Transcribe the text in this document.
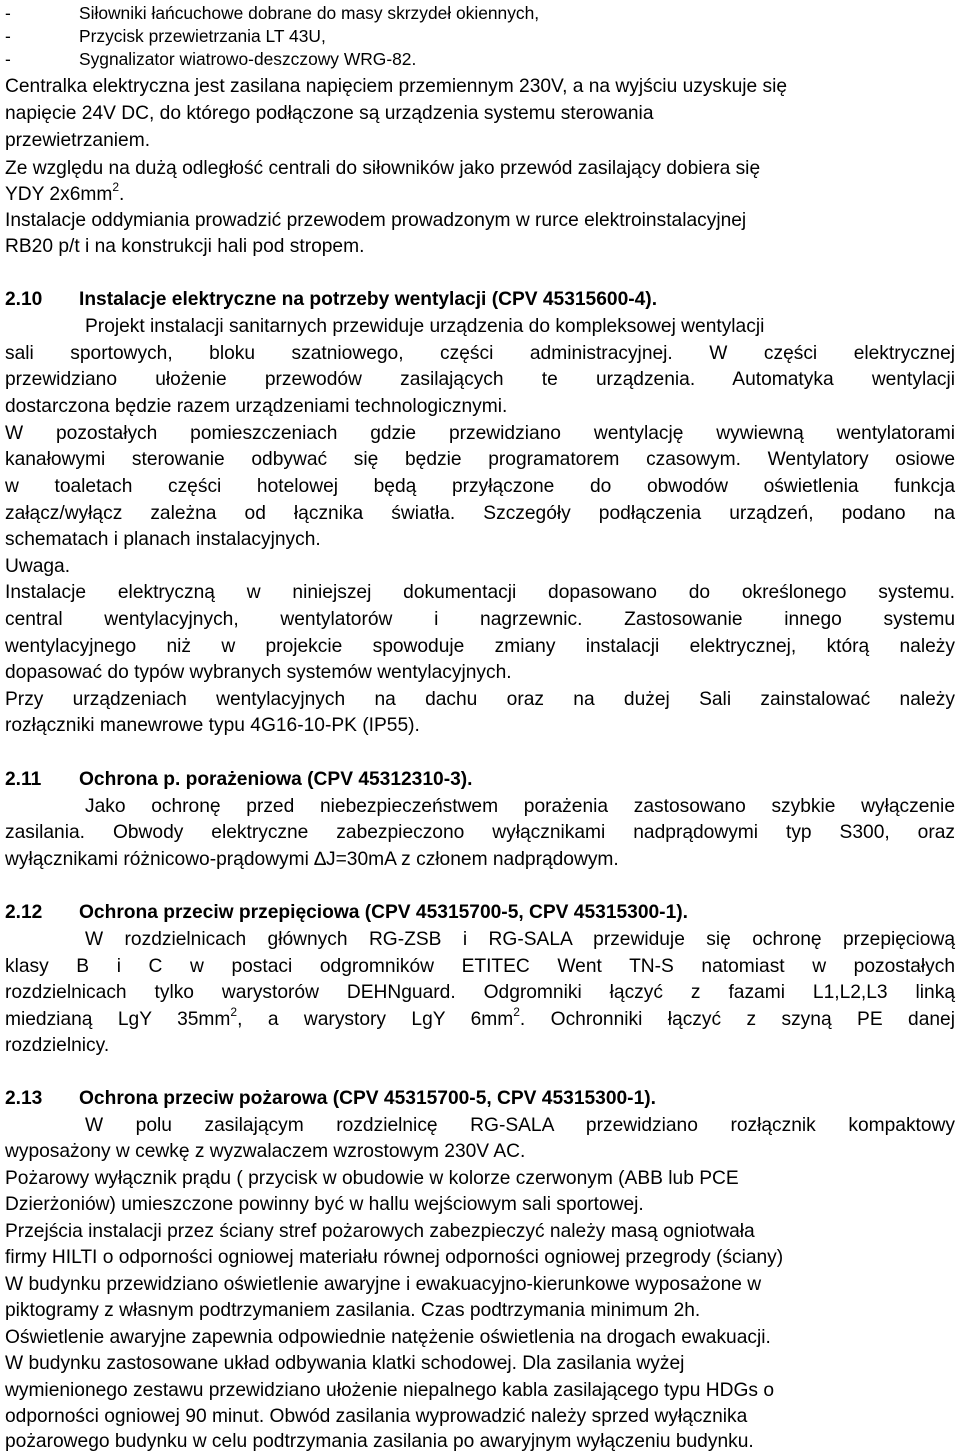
-	Siłowniki łańcuchowe dobrane do masy skrzydeł okiennych,
-	Przycisk przewietrzania LT 43U,
-	Sygnalizator wiatrowo-deszczowy WRG-82.
Centralka elektryczna jest zasilana napięciem przemiennym 230V, a na wyjściu uzyskuje się
napięcie 24V DC, do którego podłączone są urządzenia systemu sterowania
przewietrzaniem.
Ze względu na dużą odległość centrali do siłowników jako przewód zasilający dobiera się
YDY $2x6mm^2$.
Instalacje oddymiania prowadzić przewodem prowadzonym w rurce elektroinstalacyjnej
RB20 p/t i na konstrukcji hali pod stropem.
2.10 Instalacje elektryczne na potrzeby wentylacji (CPV 45315600-4).
Projekt instalacji sanitarnych przewiduje urządzenia do kompleksowej wentylacji
sali sportowych, bloku szatniowego, części administracyjnej. W części elektrycznej
przewidziano ułożenie przewodów zasilających te urządzenia. Automatyka wentylacji
dostarczona będzie razem urządzeniami technologicznymi.
W pozostałych pomieszczeniach gdzie przewidziano wentylację wywiewną wentylatorami
kanałowymi sterowanie odbywać się będzie programatorem czasowym. Wentylatory osiowe
w toaletach części hotelowej będą przyłączone do obwodów oświetlenia funkcja
załącz/wyłącz zależna od łącznika światła. Szczegóły podłączenia urządzeń, podano na
schematach i planach instalacyjnych.
Uwaga.
Instalacje elektryczną w niniejszej dokumentacji dopasowano do określonego systemu.
central wentylacyjnych, wentylatorów i nagrzewnic. Zastosowanie innego systemu
wentylacyjnego niż w projekcie spowoduje zmiany instalacji elektrycznej, którą należy
dopasować do typów wybranych systemów wentylacyjnych.
Przy urządzeniach wentylacyjnych na dachu oraz na dużej Sali zainstalować należy
rozłączniki manewrowe typu 4G16-10-PK (IP55).
2.11 Ochrona p. porażeniowa (CPV 45312310-3).
Jako ochronę przed niebezpieczeństwem porażenia zastosowano szybkie wyłączenie
zasilania. Obwody elektryczne zabezpieczono wyłącznikami nadprądowymi typ S300, oraz
wyłącznikami różnicowo-prądowymi ∆J=30mA z członem nadprądowym.
2.12 Ochrona przeciw przepięciowa (CPV 45315700-5, CPV 45315300-1).
W rozdzielnicach głównych RG-ZSB i RG-SALA przewiduje się ochronę przepięciową
klasy B i C w postaci odgromników ETITEC Went TN-S natomiast w pozostałych
rozdzielnicach tylko warystorów DEHNguard. Odgromniki łączyć z fazami L1,L2,L3 linką
miedzianą LgY $35mm^2$, a warystory LgY $6mm^2$. Ochronniki łączyć z szyną PE danej
rozdzielnicy.
2.13 Ochrona przeciw pożarowa (CPV 45315700-5, CPV 45315300-1).
W polu zasilającym rozdzielnicę RG-SALA przewidziano rozłącznik kompaktowy
wyposażony w cewkę z wyzwalaczem wzrostowym 230V AC.
Pożarowy wyłącznik prądu ( przycisk w obudowie w kolorze czerwonym (ABB lub PCE
Dzierżoniów) umieszczone powinny być w hallu wejściowym sali sportowej.
Przejścia instalacji przez ściany stref pożarowych zabezpieczyć należy masą ogniotwała
firmy HILTI o odporności ogniowej materiału równej odporności ogniowej przegrody (ściany)
W budynku przewidziano oświetlenie awaryjne i ewakuacyjno-kierunkowe wyposażone w
piktogramy z własnym podtrzymaniem zasilania. Czas podtrzymania minimum 2h.
Oświetlenie awaryjne zapewnia odpowiednie natężenie oświetlenia na drogach ewakuacji.
W budynku zastosowane układ odbywania klatki schodowej. Dla zasilania wyżej
wymienionego zestawu przewidziano ułożenie niepalnego kabla zasilającego typu HDGs o
odporności ogniowej 90 minut. Obwód zasilania wyprowadzić należy sprzed wyłącznika
pożarowego budynku w celu podtrzymania zasilania po awaryjnym wyłączeniu budynku.
